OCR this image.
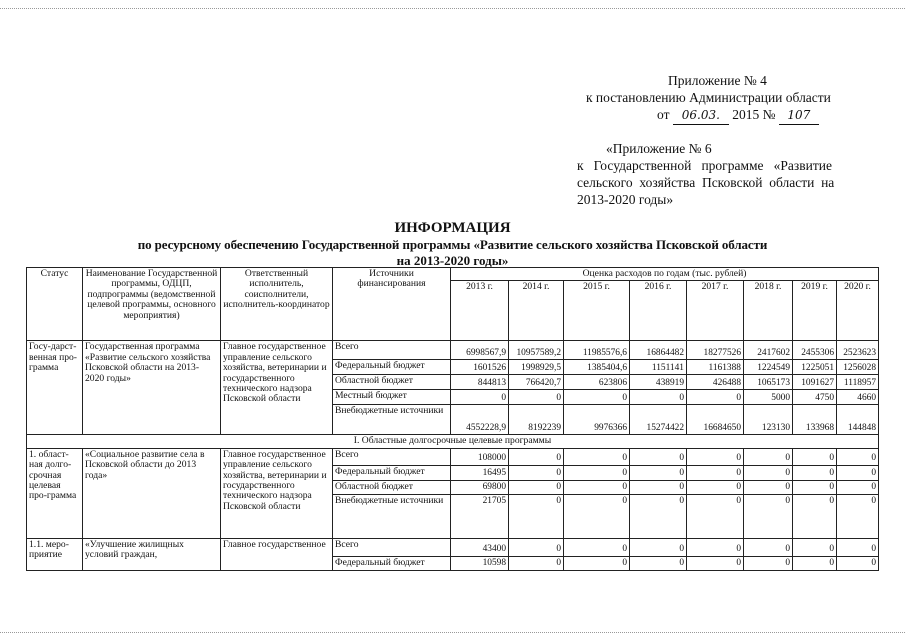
Приложение № 4
к постановлению Администрации области
от 06.03. 2015 № 107
«Приложение № 6
к   Государственной   программе   «Развитие
сельского  хозяйства  Псковской  области  на
2013-2020 годы»
ИНФОРМАЦИЯ
по ресурсному обеспечению Государственной программы «Развитие сельского хозяйства Псковской области
на 2013-2020 годы»
Статус	Наименование Государственной программы, ОДЦП, подпрограммы (ведомственной целевой программы, основного мероприятия)	Ответственный исполнитель, соисполнители, исполнитель-координатор	Источники финансирования	Оценка расходов по годам (тыс. рублей)							
				2013 г.	2014 г.	2015 г.	2016 г.	2017 г.	2018 г.	2019 г.	2020 г.
Госу-дарст-венная про-грамма	Государственная программа «Развитие сельского хозяйства Псковской области на 2013-2020 годы»	Главное государственное управление сельского хозяйства, ветеринарии и государственного технического надзора Псковской области	Всего	6998567,9	10957589,2	11985576,6	16864482	18277526	2417602	2455306	2523623
			Федеральный бюджет	1601526	1998929,5	1385404,6	1151141	1161388	1224549	1225051	1256028
			Областной бюджет	844813	766420,7	623806	438919	426488	1065173	1091627	1118957
			Местный бюджет	0	0	0	0	0	5000	4750	4660
			Внебюджетные источники	4552228,9	8192239	9976366	15274422	16684650	123130	133968	144848
I. Областные долгосрочные целевые программы											
1. област-ная долго-срочная целевая про-грамма	«Социальное развитие села в Псковской области до 2013 года»	Главное государственное управление сельского хозяйства, ветеринарии и государственного технического надзора Псковской области	Всего	108000	0	0	0	0	0	0	0
			Федеральный бюджет	16495	0	0	0	0	0	0	0
			Областной бюджет	69800	0	0	0	0	0	0	0
			Внебюджетные источники	21705	0	0	0	0	0	0	0
1.1. меро-приятие	«Улучшение жилищных условий граждан,	Главное государственное	Всего	43400	0	0	0	0	0	0	0
			Федеральный бюджет	10598	0	0	0	0	0	0	0
